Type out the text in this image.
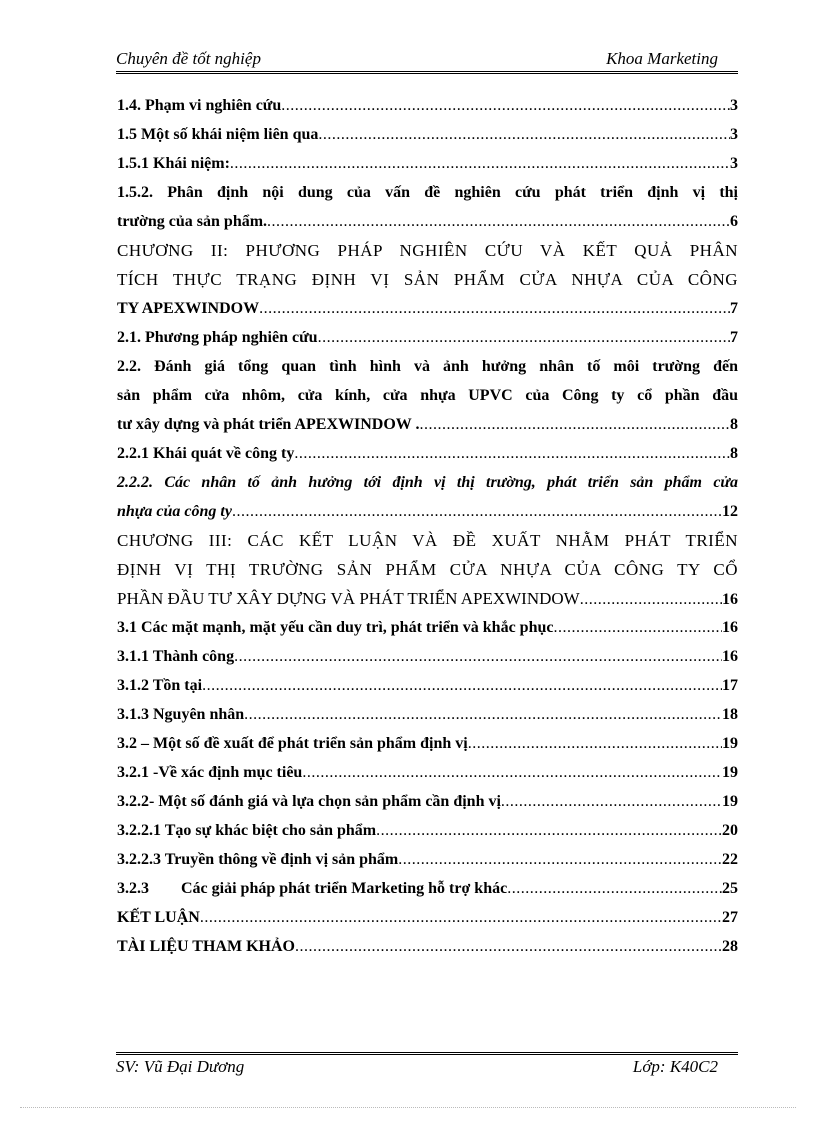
Chuyên đề tốt nghiệp	Khoa Marketing
1.4. Phạm vi nghiên cứu .....	3
1.5 Một số khái niệm liên qua .....	3
1.5.1 Khái niệm: .....	3
1.5.2. Phân định nội dung của vấn đề nghiên cứu phát triển định vị thị
trường của sản phẩm. .....	6
CHƯƠNG II: PHƯƠNG PHÁP NGHIÊN CỨU VÀ KẾT QUẢ PHÂN
TÍCH THỰC TRẠNG ĐỊNH VỊ SẢN PHẨM CỬA NHỰA CỦA CÔNG
TY APEXWINDOW .....	7
2.1. Phương pháp nghiên cứu .....	7
2.2. Đánh giá tổng quan tình hình và ảnh hưởng nhân tố môi trường đến
sản phẩm cửa nhôm, cửa kính, cửa nhựa UPVC của Công ty cổ phần đầu
tư xây dựng và phát triển APEXWINDOW . .....	8
2.2.1 Khái quát về công ty .....	8
2.2.2. Các nhân tố ảnh hưởng tới định vị thị trường, phát triển sản phẩm cửa
nhựa của công ty .....	12
CHƯƠNG III: CÁC KẾT LUẬN VÀ ĐỀ XUẤT NHẰM PHÁT TRIỂN
ĐỊNH VỊ THỊ TRƯỜNG SẢN PHẨM CỬA NHỰA CỦA CÔNG TY CỔ
PHẦN ĐẦU TƯ XÂY DỰNG VÀ PHÁT TRIỂN APEXWINDOW .....	16
3.1 Các mặt mạnh, mặt yếu cần duy trì, phát triển và khắc phục .....	16
3.1.1 Thành công .....	16
3.1.2 Tồn tại .....	17
3.1.3 Nguyên nhân .....	18
3.2 – Một số đề xuất để phát triển sản phẩm định vị .....	19
3.2.1 -Về xác định mục tiêu .....	19
3.2.2- Một số đánh giá và lựa chọn sản phẩm cần định vị .....	19
3.2.2.1 Tạo sự khác biệt cho sản phẩm .....	20
3.2.2.3 Truyền thông về định vị sản phẩm .....	22
3.2.3        Các giải pháp phát triển Marketing hỗ trợ khác .....	25
KẾT LUẬN .....	27
TÀI LIỆU THAM KHẢO .....	28
SV: Vũ Đại Dương	Lớp: K40C2
